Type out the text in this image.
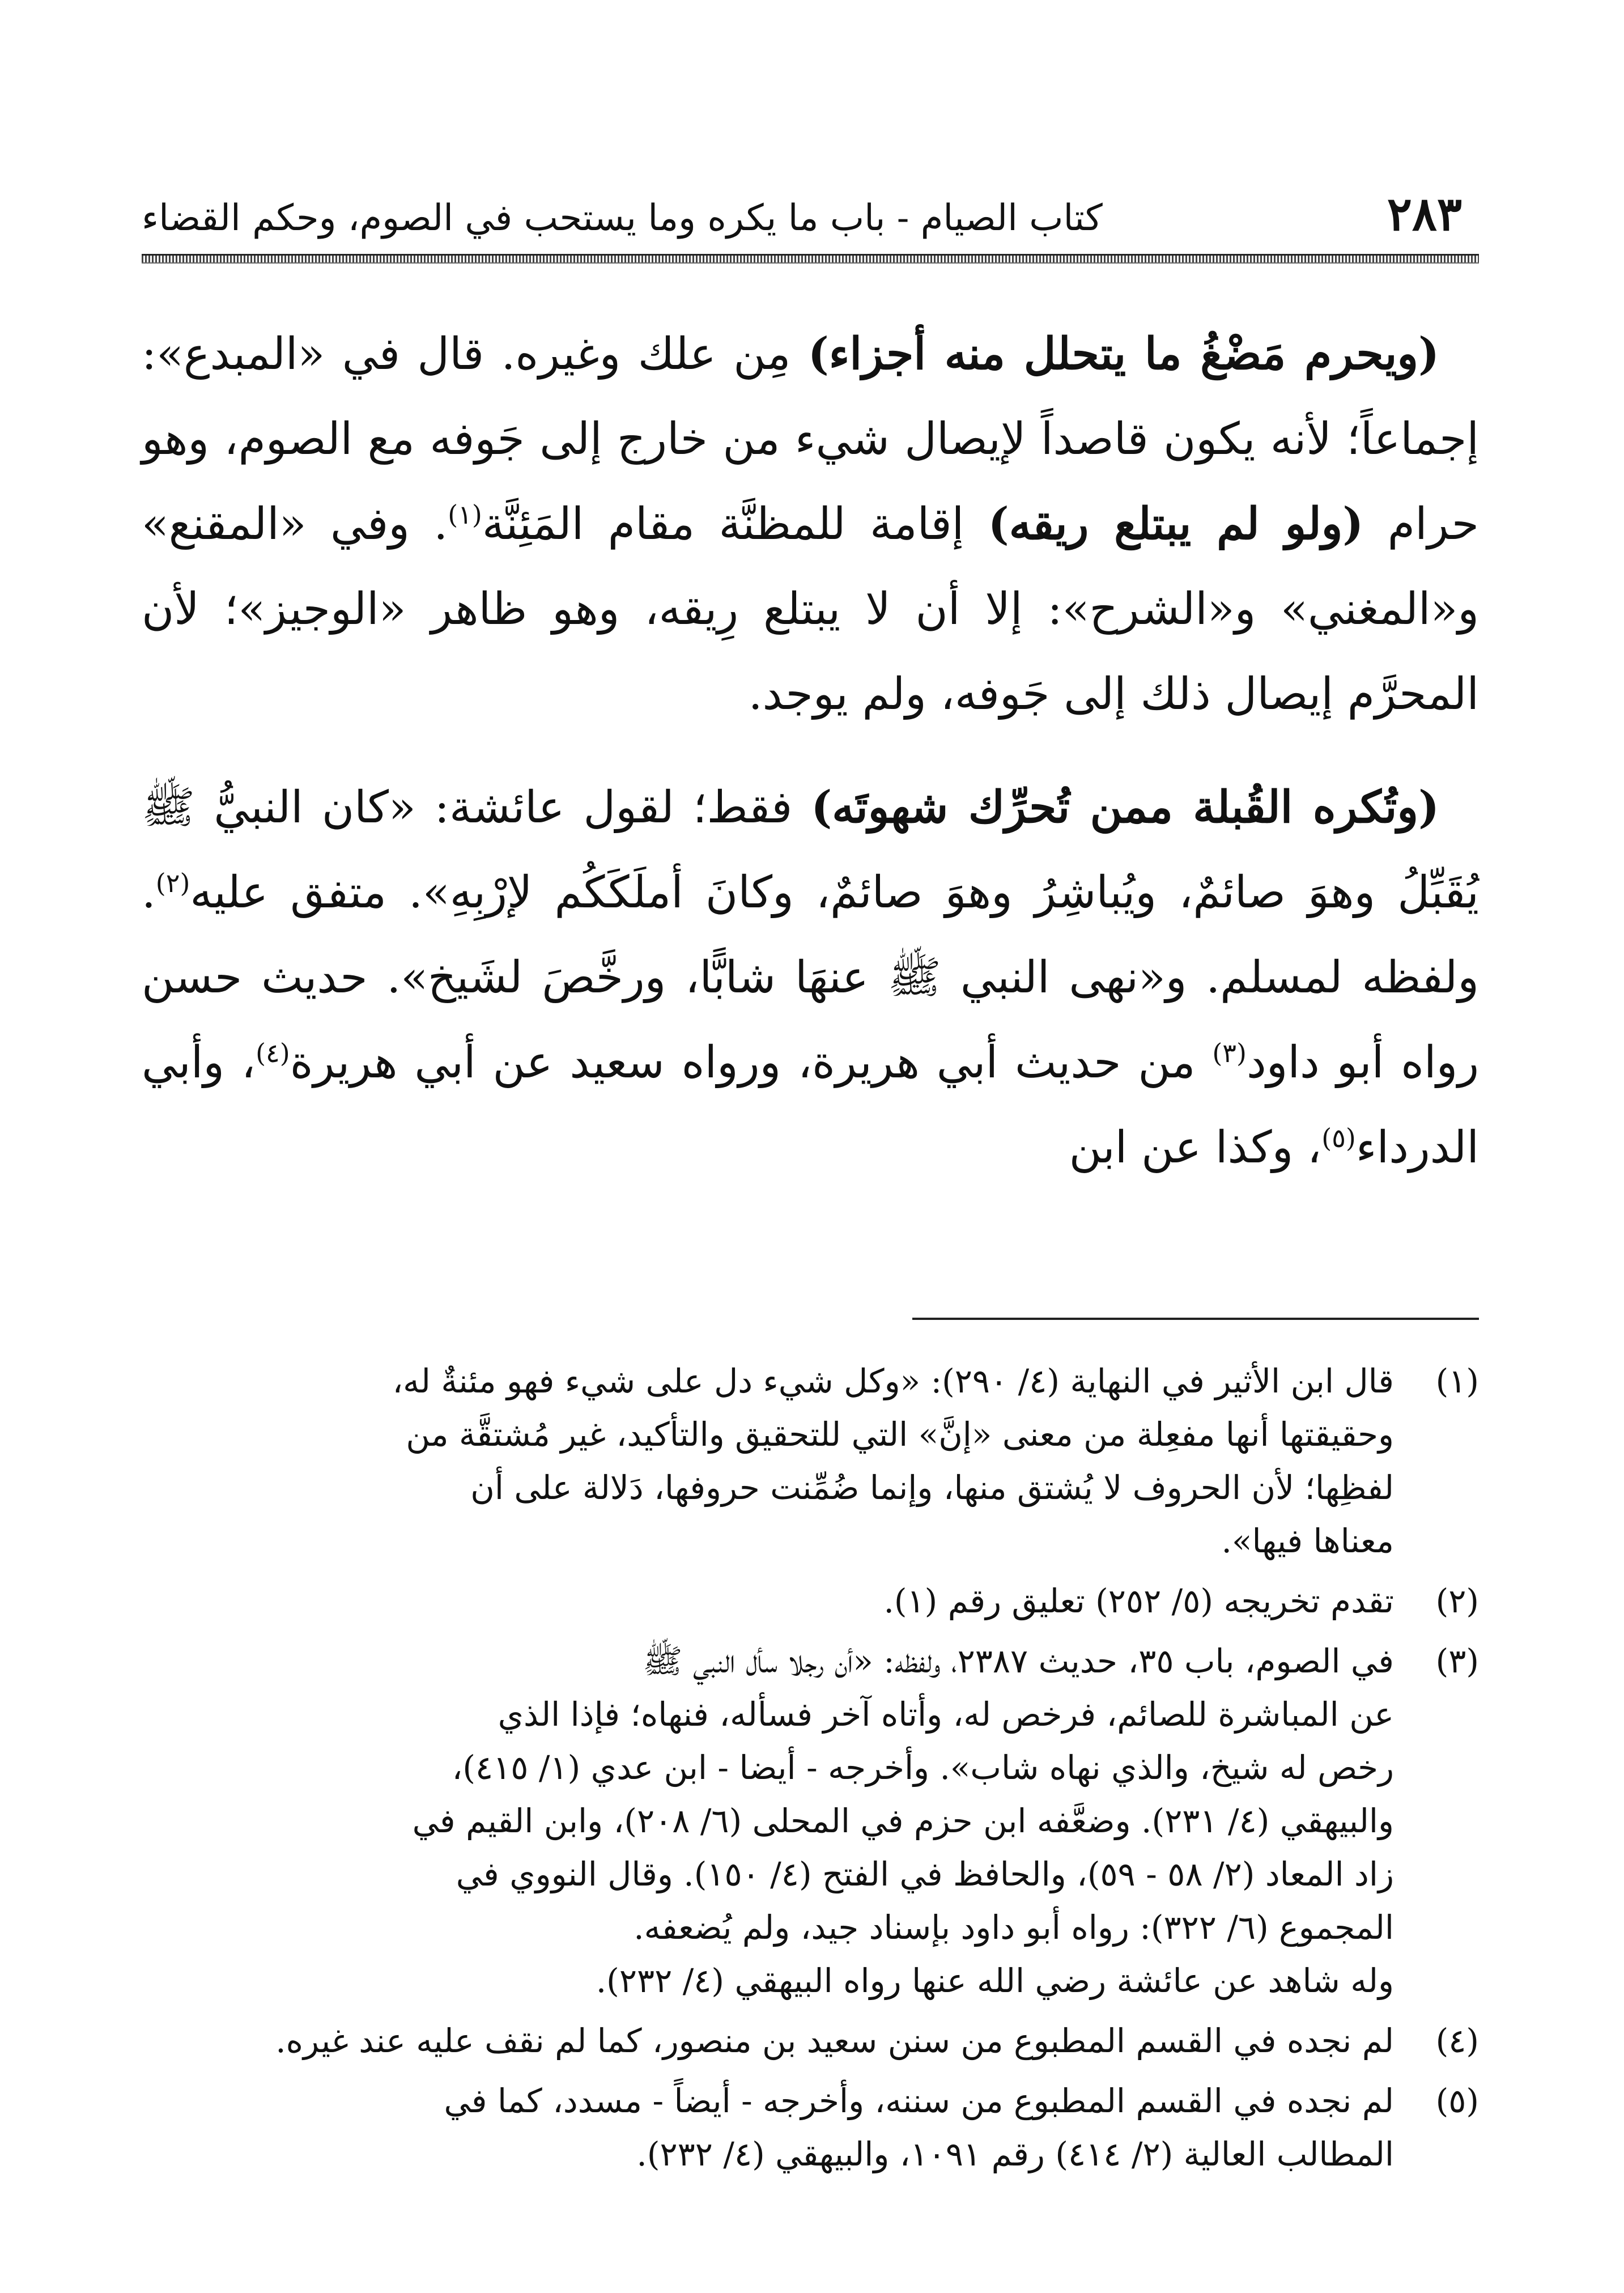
٢٨٣
كتاب الصيام - باب ما يكره وما يستحب في الصوم، وحكم القضاء

(ويحرم مَضْغُ ما يتحلل منه أجزاء) مِن علك وغيره. قال في «المبدع»: إجماعاً؛ لأنه يكون قاصداً لإيصال شيء من خارج إلى جَوفه مع الصوم، وهو حرام (ولو لم يبتلع ريقه) إقامة للمظنَّة مقام المَئِنَّة$^{(١)}$. وفي «المقنع» و«المغني» و«الشرح»: إلا أن لا يبتلع رِيقه، وهو ظاهر «الوجيز»؛ لأن المحرَّم إيصال ذلك إلى جَوفه، ولم يوجد.

(وتُكره القُبلة ممن تُحرِّك شهوتَه) فقط؛ لقول عائشة: «كان النبيُّ ﷺ يُقَبِّلُ وهوَ صائمٌ، ويُباشِرُ وهوَ صائمٌ، وكانَ أملَكَكُم لإرْبِهِ». متفق عليه$^{(٢)}$. ولفظه لمسلم. و«نهى النبي ﷺ عنهَا شابًّا، ورخَّصَ لشَيخ». حديث حسن رواه أبو داود$^{(٣)}$ من حديث أبي هريرة، ورواه سعيد عن أبي هريرة$^{(٤)}$، وأبي الدرداء$^{(٥)}$، وكذا عن ابن

(١)
قال ابن الأثير في النهاية (٤/ ٢٩٠): «وكل شيء دل على شيء فهو مئنةٌ له،
وحقيقتها أنها مفعِلة من معنى «إنَّ» التي للتحقيق والتأكيد، غير مُشتقَّة من
لفظِها؛ لأن الحروف لا يُشتق منها، وإنما ضُمِّنت حروفها، دَلالة على أن
معناها فيها».
(٢)
تقدم تخريجه (٥/ ٢٥٢) تعليق رقم (١).
(٣)
في الصوم، باب ٣٥، حديث ٢٣٨٧، ولفظه: «أن رجلا سأل النبي ﷺ
عن المباشرة للصائم، فرخص له، وأتاه آخر فسأله، فنهاه؛ فإذا الذي
رخص له شيخ، والذي نهاه شاب». وأخرجه - أيضا - ابن عدي (١/ ٤١٥)،
والبيهقي (٤/ ٢٣١). وضعَّفه ابن حزم في المحلى (٦/ ٢٠٨)، وابن القيم في
زاد المعاد (٢/ ٥٨ - ٥٩)، والحافظ في الفتح (٤/ ١٥٠). وقال النووي في
المجموع (٦/ ٣٢٢): رواه أبو داود بإسناد جيد، ولم يُضعفه.
وله شاهد عن عائشة رضي الله عنها رواه البيهقي (٤/ ٢٣٢).
(٤)
لم نجده في القسم المطبوع من سنن سعيد بن منصور، كما لم نقف عليه عند غيره.
(٥)
لم نجده في القسم المطبوع من سننه، وأخرجه - أيضاً - مسدد، كما في
المطالب العالية (٢/ ٤١٤) رقم ١٠٩١، والبيهقي (٤/ ٢٣٢).
